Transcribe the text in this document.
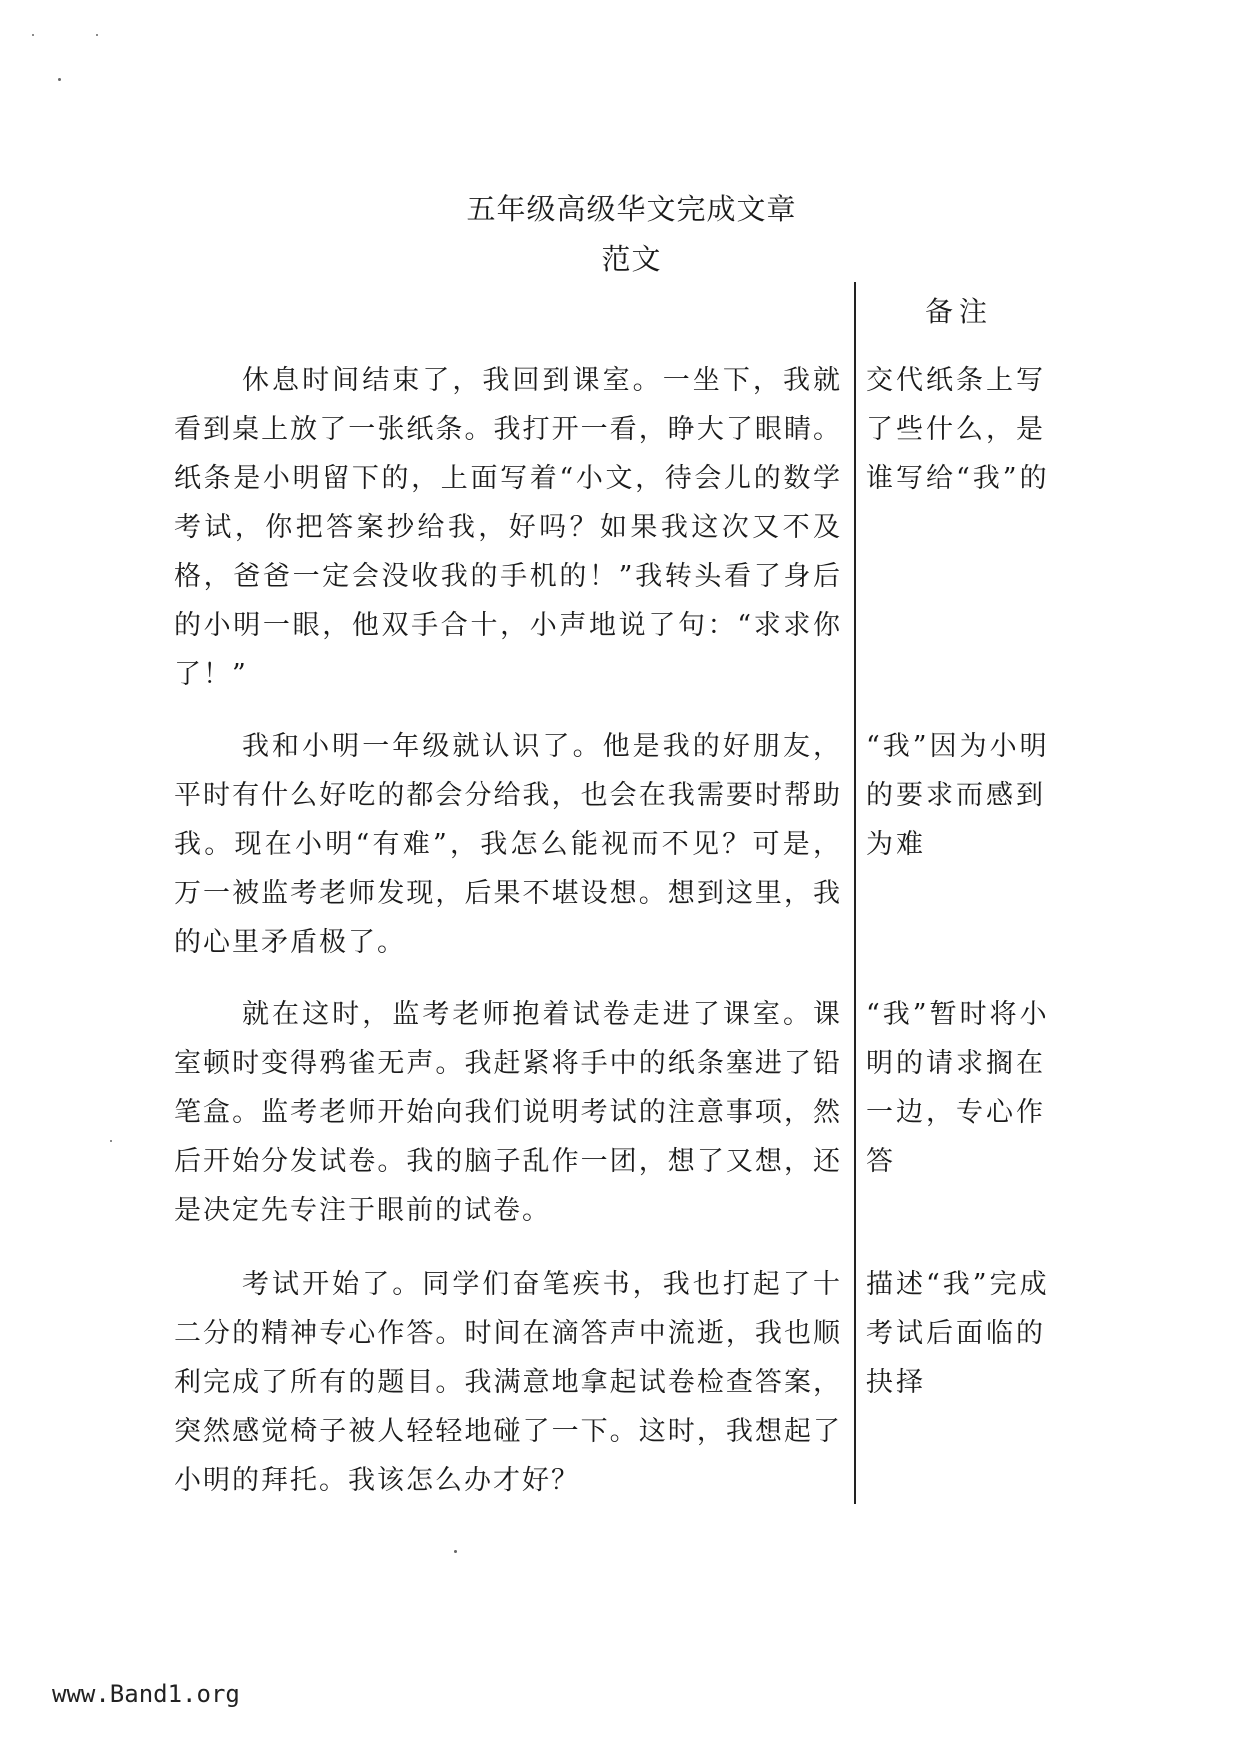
五年级高级华文完成文章
范文
备注

休息时间结束了，我回到课室。一坐下，我就看到桌上放了一张纸条。我打开一看，睁大了眼睛。纸条是小明留下的，上面写着“小文，待会儿的数学考试，你把答案抄给我，好吗？如果我这次又不及格，爸爸一定会没收我的手机的！”我转头看了身后的小明一眼，他双手合十，小声地说了句：“求求你了！”

交代纸条上写了些什么，是谁写给“我”的

我和小明一年级就认识了。他是我的好朋友，平时有什么好吃的都会分给我，也会在我需要时帮助我。现在小明“有难”，我怎么能视而不见？可是，万一被监考老师发现，后果不堪设想。想到这里，我的心里矛盾极了。

“我”因为小明的要求而感到为难

就在这时，监考老师抱着试卷走进了课室。课室顿时变得鸦雀无声。我赶紧将手中的纸条塞进了铅笔盒。监考老师开始向我们说明考试的注意事项，然后开始分发试卷。我的脑子乱作一团，想了又想，还是决定先专注于眼前的试卷。

“我”暂时将小明的请求搁在一边，专心作答

考试开始了。同学们奋笔疾书，我也打起了十二分的精神专心作答。时间在滴答声中流逝，我也顺利完成了所有的题目。我满意地拿起试卷检查答案，突然感觉椅子被人轻轻地碰了一下。这时，我想起了小明的拜托。我该怎么办才好？

描述“我”完成考试后面临的抉择

www.Band1.org
